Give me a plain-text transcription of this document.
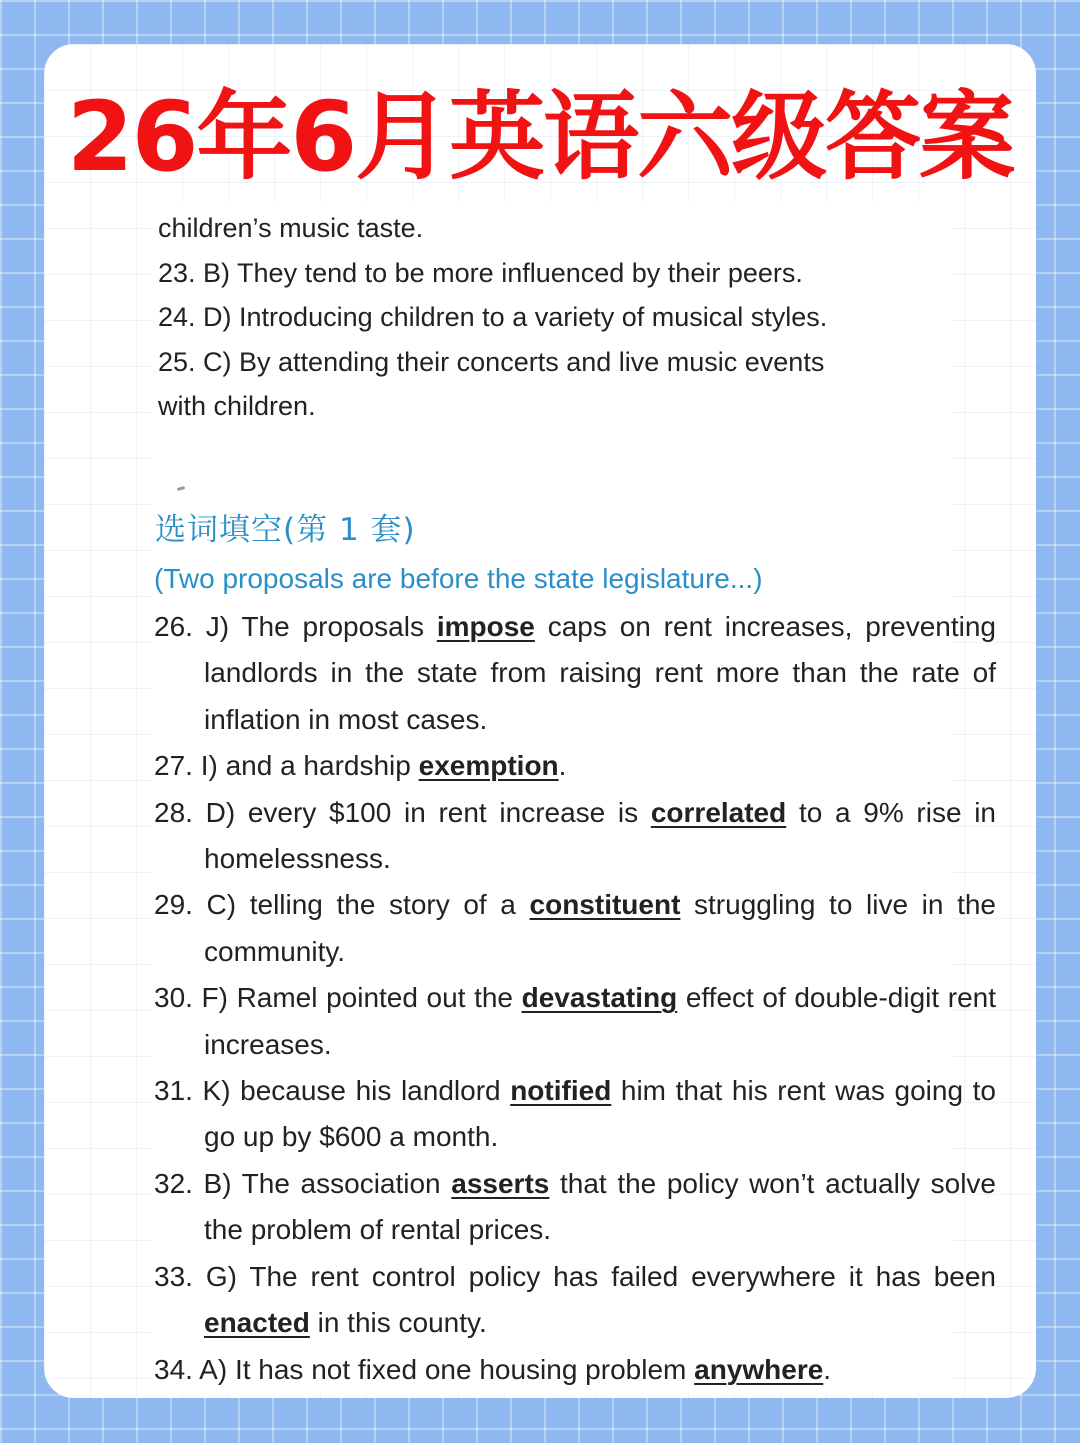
26年6月英语六级答案

children’s music taste.

23. B) They tend to be more influenced by their peers.

24. D) Introducing children to a variety of musical styles.

25. C) By attending their concerts and live music events

with children.

选词填空(第 1 套)
(Two proposals are before the state legislature...)

26. J) The proposals impose caps on rent increases, preventing landlords in the state from raising rent more than the rate of inflation in most cases.

27. I) and a hardship exemption.

28. D) every $100 in rent increase is correlated to a 9% rise in homelessness.

29. C) telling the story of a constituent struggling to live in the community.

30. F) Ramel pointed out the devastating effect of double-digit rent increases.

31. K) because his landlord notified him that his rent was going to go up by $600 a month.

32. B) The association asserts that the policy won’t actually solve the problem of rental prices.

33. G) The rent control policy has failed everywhere it has been enacted in this county.

34. A) It has not fixed one housing problem anywhere.
